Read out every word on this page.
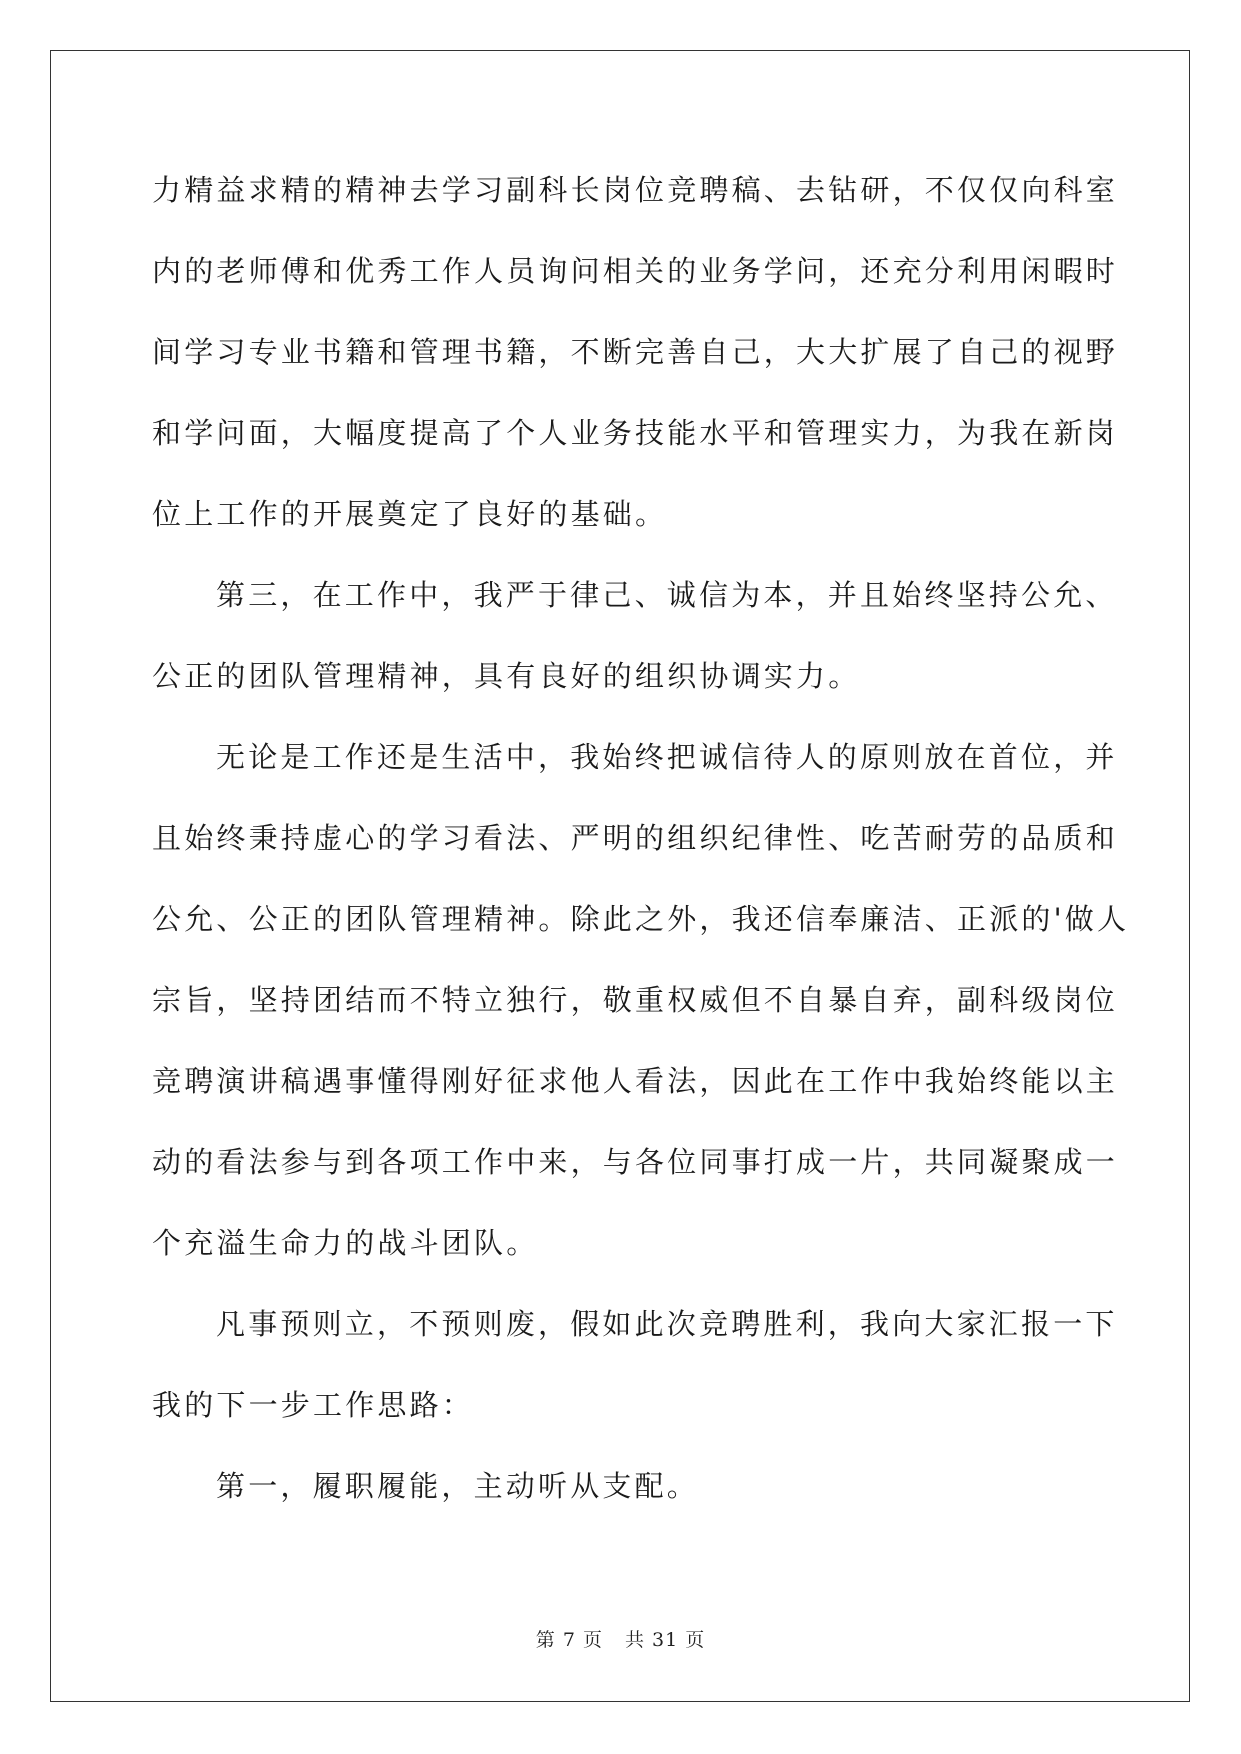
力精益求精的精神去学习副科长岗位竞聘稿、去钻研，不仅仅向科室

内的老师傅和优秀工作人员询问相关的业务学问，还充分利用闲暇时

间学习专业书籍和管理书籍，不断完善自己，大大扩展了自己的视野

和学问面，大幅度提高了个人业务技能水平和管理实力，为我在新岗

位上工作的开展奠定了良好的基础。

第三，在工作中，我严于律己、诚信为本，并且始终坚持公允、

公正的团队管理精神，具有良好的组织协调实力。

无论是工作还是生活中，我始终把诚信待人的原则放在首位，并

且始终秉持虚心的学习看法、严明的组织纪律性、吃苦耐劳的品质和

公允、公正的团队管理精神。除此之外，我还信奉廉洁、正派的'做人

宗旨，坚持团结而不特立独行，敬重权威但不自暴自弃，副科级岗位

竞聘演讲稿遇事懂得刚好征求他人看法，因此在工作中我始终能以主

动的看法参与到各项工作中来，与各位同事打成一片，共同凝聚成一

个充溢生命力的战斗团队。

凡事预则立，不预则废，假如此次竞聘胜利，我向大家汇报一下

我的下一步工作思路：

第一，履职履能，主动听从支配。

第 7 页 共 31 页
